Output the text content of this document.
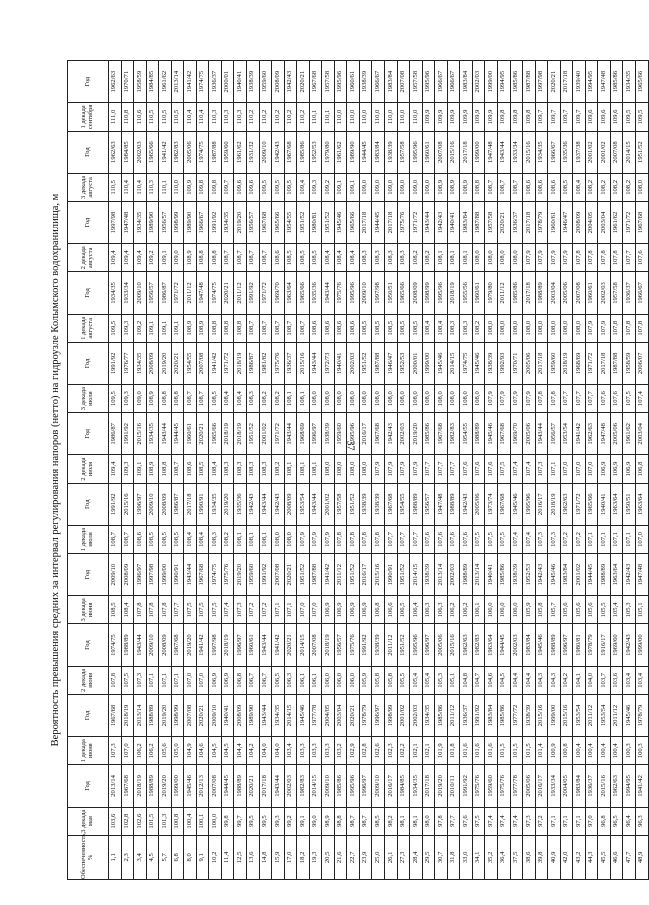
37
Вероятность превышения средних за интервал регулирования напоров (нетто) на гидроузле Колымского водохранилища, м
Обеспеченность, %	3 декада мая	Год	1 декада июня	Год	2 декада июня	Год	3 декада июня	Год	1 декада июля	Год	2 декада июля	Год	3 декада июля	Год	1 декада августа	Год	2 декада августа	Год	3 декада августа	Год	1 декада сентября	Год
1,1	103,6	2013/14	107,3	1967/68	107,8	1974/75	108,5	2009/10	108,7	1991/92	109,4	1986/87	109,5	1991/92	109,5	1934/35	109,4	1997/98	110,5	1962/63	111,0	1962/63
2,3	102,8	1967/68	107,0	2018/19	107,5	1988/89	108,4	2008/09	108,7	2015/16	109,3	1991/92	109,3	1976/77	109,3	1933/34	109,4	1947/48	110,4	1984/85	110,8	1970/71
3,4	102,6	2018/19	106,2	2013/14	107,3	1943/44	107,8	1996/97	108,6	1996/97	109,1	2015/16	109,0	1934/35	109,2	2009/10	109,4	1934/35	110,4	2002/03	110,6	1958/59
4,5	101,5	1988/89	106,2	1988/89	107,1	2009/10	107,8	1997/98	108,5	2009/10	108,9	1934/35	108,9	2008/09	109,1	1956/57	109,2	1989/90	110,3	1965/66	110,5	1984/85
5,7	101,3	2019/20	105,6	2019/20	107,1	2008/09	107,8	1999/00	108,5	2008/09	108,8	1943/44	108,8	2019/20	109,1	1986/87	109,1	1956/57	110,1	1941/42	110,5	1961/62
6,8	100,8	1999/00	105,0	1998/99	107,1	1967/68	107,7	1990/91	108,5	1986/87	108,7	1944/45	108,8	2020/21	109,1	1971/72	109,0	1998/99	110,0	1982/83	110,5	2013/14
8,0	100,4	1945/46	104,9	2007/08	107,0	2019/20	107,5	1943/44	108,4	2017/18	108,6	1960/61	108,7	1954/55	108,9	2011/12	108,9	1989/90	109,9	2005/06	110,4	1941/42
9,1	100,1	2012/13	104,6	2020/21	107,0	1941/42	107,5	1967/68	108,4	1990/91	108,5	2020/21	108,7	2007/08	108,9	1947/48	108,8	1966/67	109,8	1974/75	110,4	1974/75
10,2	100,0	2007/08	104,5	2009/10	106,9	1997/98	107,5	1974/75	108,3	1934/35	108,4	1965/66	108,5	1941/42	108,8	1974/75	108,8	1991/92	109,8	1987/88	110,3	1936/37
11,4	99,8	1944/45	104,5	1940/41	106,9	2018/19	107,4	1975/76	108,2	2019/20	108,3	2018/19	108,4	1971/72	108,8	2020/21	108,7	1934/35	109,7	1959/60	110,3	2000/01
12,5	99,7	1988/89	104,4	2008/09	106,8	1996/97	107,3	2019/20	108,1	1935/36	108,3	2018/19	108,4	2018/19	108,8	2011/12	108,7	2019/20	109,6	1961/62	110,3	1940/41
13,6	99,5	2020/21	104,2	1989/90	106,7	1960/61	107,2	1959/60	108,1	1942/43	108,3	1951/52	108,3	1986/87	108,7	1991/92	108,7	1956/57	109,6	1931/32	110,2	1938/39
14,8	99,5	2017/18	104,0	1943/44	106,7	1943/44	107,2	1991/92	108,1	1943/44	108,3	2001/02	108,2	1981/82	108,7	1971/72	108,7	1967/68	109,5	2009/10	110,2	1959/60
15,9	99,3	1943/44	104,0	1934/35	106,5	1941/42	107,1	2007/08	108,0	1942/43	108,2	1971/72	108,2	1975/76	108,7	1969/70	108,6	1965/66	109,5	1942/43	110,2	2008/09
17,0	99,2	2002/03	103,4	2014/15	106,3	2020/21	107,1	2020/21	108,0	2008/09	108,1	1943/44	108,1	1936/37	108,7	1963/64	108,5	1954/55	109,5	1967/68	110,2	1942/43
18,2	99,1	1982/83	103,3	1945/46	106,1	2014/15	107,0	1951/52	107,9	1953/54	108,1	1968/69	108,1	2015/16	108,7	1965/66	108,5	1951/52	109,4	1985/86	110,2	2020/21
19,3	99,0	2014/15	103,3	1977/78	106,1	2007/08	107,0	1987/88	107,9	1943/44	108,1	1996/97	108,0	1943/44	108,6	1935/36	108,5	1980/81	109,3	1952/53	110,1	1967/68
20,5	98,9	2009/10	103,3	2004/05	106,0	2018/19	106,9	1941/42	107,9	2001/02	108,0	1938/39	108,0	1972/73	108,6	1943/44	108,4	1951/52	109,2	1979/80	110,1	1957/58
21,6	98,8	1985/86	103,2	2003/04	106,0	1956/57	106,9	2011/12	107,8	1957/58	108,0	1959/60	108,0	1940/41	108,6	1975/76	108,4	1945/46	109,1	1961/62	110,0	1995/96
22,7	98,7	1995/96	102,9	2020/21	106,0	1975/76	106,9	1951/52	107,8	1951/52	108,0	1995/96	108,0	2002/03	108,6	1995/96	108,4	1965/66	109,1	1989/90	110,0	1960/61
23,9	98,7	1996/97	102,8	1978/79	105,9	1991/92	106,9	2016/17	107,8	1938/39	108,0	2016/17	108,0	1951/52	108,5	2009/10	108,3	2017/18	109,0	1944/45	110,0	1938/39
25,0	98,5	2009/10	102,6	1996/97	105,8	1938/39	106,8	2015/16	107,8	1938/39	107,9	1967/68	108,0	1987/88	108,5	1997/98	108,3	1944/45	109,0	1983/84	110,0	1966/67
26,1	98,2	2016/17	102,3	1998/99	105,8	2011/12	106,6	1990/91	107,7	1967/68	107,9	1942/43	108,0	1946/47	108,5	1950/51	108,3	2017/18	109,0	1938/39	110,0	1983/84
27,3	98,1	1984/85	102,2	2001/02	105,5	1951/52	106,5	1951/52	107,7	1954/55	107,9	2002/03	108,0	1952/53	108,5	1965/66	108,3	1975/76	109,0	1957/58	110,0	2007/08
28,4	98,1	1934/35	102,1	2002/03	105,4	1995/96	106,4	2014/15	107,7	1988/89	107,9	2019/20	108,0	2000/01	108,5	2008/09	108,2	1971/72	109,0	1995/96	110,0	1957/58
29,5	98,0	2017/18	102,1	1934/35	105,4	1996/97	106,3	1938/39	107,6	1956/57	107,7	1985/86	108,0	1999/00	108,4	1998/99	108,2	1943/44	109,0	1960/61	109,9	1995/96
30,7	97,8	2019/20	101,9	1985/86	105,3	2005/06	106,3	2013/14	107,6	1947/48	107,7	1967/68	108,0	1945/46	108,4	1995/96	108,1	1942/43	108,9	2007/08	109,9	1966/67
31,8	97,7	2010/11	101,8	2011/12	105,1	2015/16	106,2	2002/03	107,6	1988/89	107,7	1982/83	108,0	2014/15	108,3	2018/19	108,1	1940/41	108,9	2015/16	109,9	1966/67
33,0	97,6	1991/92	101,6	1936/37	104,8	1962/63	106,2	1988/89	107,6	1942/43	107,6	1954/55	108,0	1974/75	108,3	1955/56	108,1	1983/84	108,9	2017/18	109,9	1983/84
34,1	97,5	1975/76	101,6	1991/92	104,7	1982/83	106,1	2013/14	107,5	2005/06	107,6	1988/89	108,0	1945/46	108,2	1960/61	108,0	1987/88	108,8	1999/00	109,9	2002/03
35,2	97,4	1959/60	101,6	1983/84	104,6	1963/64	106,0	1940/41	107,5	1973/74	107,6	1945/46	107,9	1938/39	108,0	1979/80	108,0	1957/58	108,7	1947/48	109,9	1999/00
36,4	97,4	1975/76	101,5	1985/86	104,5	1944/45	106,0	1985/86	107,5	1967/68	107,5	1967/68	107,9	1992/93	108,0	2011/12	108,0	2020/21	108,7	1943/44	109,8	1994/95
37,5	97,4	1977/78	101,5	1977/72	104,4	2002/03	106,0	1938/39	107,4	1945/46	107,4	1969/70	107,9	1970/71	108,0	1985/86	108,0	1936/37	108,7	1933/34	109,8	1985/86
38,6	97,3	2005/06	101,5	1938/39	104,4	1983/84	105,9	1952/53	107,4	1995/96	107,4	2005/06	107,9	2005/06	108,0	2017/18	107,9	2017/18	108,6	2015/16	109,8	1987/88
39,8	97,2	2016/17	101,4	2015/16	104,3	1945/46	105,8	1942/43	107,3	2016/17	107,3	1943/44	107,8	2017/18	108,0	1988/89	107,9	1978/79	108,6	1934/35	109,7	1997/98
40,9	97,1	1933/34	100,9	1999/00	104,3	1988/89	105,7	1945/46	107,3	2018/19	107,1	1956/57	107,8	1959/60	108,0	2003/04	107,9	1960/61	108,6	1966/67	109,7	2020/21
42,0	97,1	2004/05	100,8	2015/16	104,2	1996/97	105,6	1983/84	107,2	1962/63	107,0	1953/54	107,7	2018/19	108,0	2005/06	107,9	1946/47	108,5	1935/36	109,7	2017/18
43,2	97,1	1983/84	100,4	1953/54	104,1	1980/81	105,6	2001/02	107,2	1971/72	107,0	1941/42	107,7	1968/69	108,0	2007/08	107,8	2008/09	108,4	1937/38	109,7	1939/40
44,3	97,0	1936/37	100,4	2011/12	104,0	1978/79	105,6	1944/45	107,1	1965/66	107,0	1962/63	107,7	1971/72	107,9	1960/61	107,8	2004/05	108,2	2001/02	109,6	1994/95
45,5	96,8	2015/16	100,4	1953/54	103,7	1916/17	105,5	1988/89	107,1	1940/41	106,9	1947/48	107,6	2017/18	107,9	2002/03	107,8	2003/04	108,2	2001/02	109,6	1947/48
46,6	96,5	1962/63	100,4	2011/12	103,6	1969/60	105,4	1963/64	107,1	1963/64	106,9	2005/06	107,6	1987/88	107,8	1957/58	107,8	1961/62	108,2	2007/08	109,6	1985/86
47,7	96,4	1994/95	100,3	1945/46	103,4	1942/43	105,3	1942/43	107,1	1950/51	106,9	1961/62	107,5	1958/59	107,8	1936/37	107,7	1971/72	108,2	2014/15	109,5	1934/35
48,9	96,3	1941/42	100,3	1978/79	103,4	1999/00	105,1	1947/48	107,0	1963/64	106,8	2003/04	107,4	2006/07	107,8	1966/67	107,6	1967/68	108,0	1951/52	109,5	1965/66
